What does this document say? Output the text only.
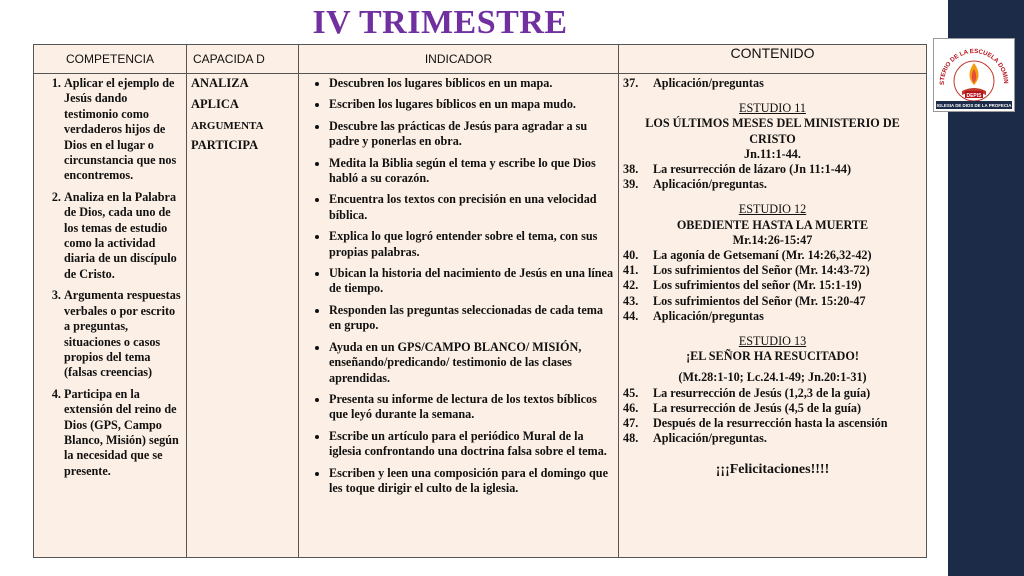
STERIO DE LA ESCUELA DOMIN
DEPIS
IGLESIA DE DIOS DE LA PROFECIA
IV TRIMESTRE
COMPETENCIA
1. Aplicar el ejemplo de Jesús dando testimonio como verdaderos hijos de Dios en el lugar o circunstancia que nos encontremos.
2. Analiza en la Palabra de Dios, cada uno de los temas de estudio como la actividad diaria de un discípulo de Cristo.
3. Argumenta respuestas verbales o por escrito a preguntas, situaciones o casos propios del tema (falsas creencias)
4. Participa en la extensión del reino de Dios (GPS, Campo Blanco, Misión) según la necesidad que se presente.
CAPACIDA D
ANALIZA
APLICA
ARGUMENTA
PARTICIPA
INDICADOR
• Descubren los lugares bíblicos en un mapa.
• Escriben los lugares bíblicos en un mapa mudo.
• Descubre las prácticas de Jesús para agradar a su padre y ponerlas en obra.
• Medita la Biblia según el tema y escribe lo que Dios habló a su corazón.
• Encuentra los textos con precisión en una velocidad bíblica.
• Explica lo que logró entender sobre el tema, con sus propias palabras.
• Ubican la historia del nacimiento de Jesús en una línea de tiempo.
• Responden las preguntas seleccionadas de cada tema en grupo.
• Ayuda en un GPS/CAMPO BLANCO/ MISIÓN, enseñando/predicando/ testimonio de las clases aprendidas.
• Presenta su informe de lectura de los textos bíblicos que leyó durante la semana.
• Escribe un artículo para el periódico Mural de la iglesia confrontando una doctrina falsa sobre el tema.
• Escriben y leen una composición para el domingo que les toque dirigir el culto de la iglesia.
CONTENIDO
37.	Aplicación/preguntas
ESTUDIO 11
LOS ÚLTIMOS MESES DEL MINISTERIO DE CRISTO
Jn.11:1-44.
38.	La resurrección de lázaro (Jn 11:1-44)
39.	Aplicación/preguntas.
ESTUDIO 12
OBEDIENTE HASTA LA MUERTE
Mr.14:26-15:47
40.	La agonía de Getsemaní (Mr. 14:26,32-42)
41.	Los sufrimientos del Señor (Mr. 14:43-72)
42.	Los sufrimientos del señor (Mr. 15:1-19)
43.	Los sufrimientos del Señor (Mr. 15:20-47
44.	Aplicación/preguntas
ESTUDIO 13
¡EL SEÑOR HA RESUCITADO!
(Mt.28:1-10; Lc.24.1-49; Jn.20:1-31)
45.	La resurrección de Jesús (1,2,3 de la guía)
46.	La resurrección de Jesús (4,5 de la guía)
47.	Después de la resurrección hasta la ascensión
48.	Aplicación/preguntas.
¡¡¡Felicitaciones!!!!
